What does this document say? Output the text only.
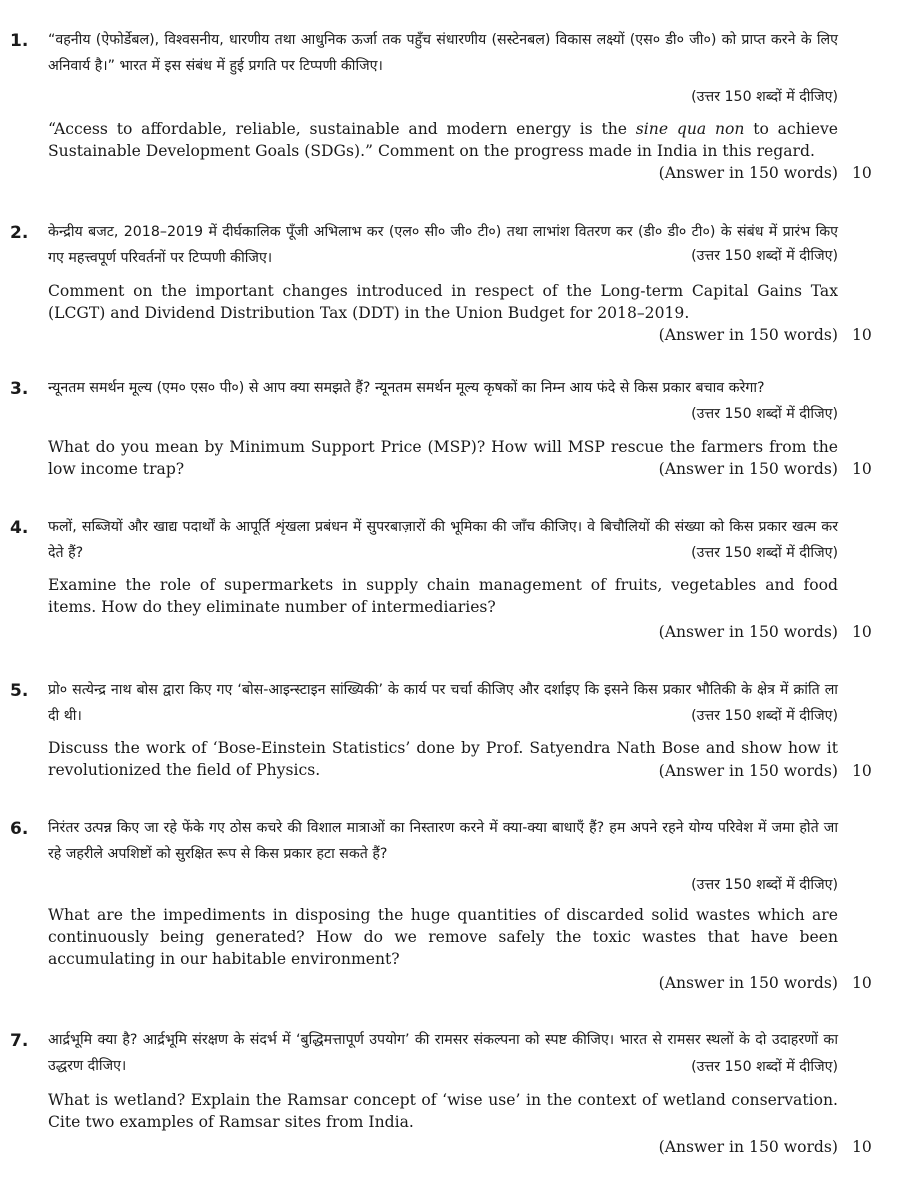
1. “वहनीय (ऐफोर्डेबल), विश्वसनीय, धारणीय तथा आधुनिक ऊर्जा तक पहुँच संधारणीय (सस्टेनबल) विकास लक्ष्यों (एस० डी० जी०) को प्राप्त करने के लिए अनिवार्य है।” भारत में इस संबंध में हुई प्रगति पर टिप्पणी कीजिए।
(उत्तर 150 शब्दों में दीजिए)
“Access to affordable, reliable, sustainable and modern energy is the sine qua non to achieve Sustainable Development Goals (SDGs).” Comment on the progress made in India in this regard.
(Answer in 150 words) 10
2. केन्द्रीय बजट, 2018–2019 में दीर्घकालिक पूँजी अभिलाभ कर (एल० सी० जी० टी०) तथा लाभांश वितरण कर (डी० डी० टी०) के संबंध में प्रारंभ किए गए महत्त्वपूर्ण परिवर्तनों पर टिप्पणी कीजिए।	(उत्तर 150 शब्दों में दीजिए)
Comment on the important changes introduced in respect of the Long-term Capital Gains Tax (LCGT) and Dividend Distribution Tax (DDT) in the Union Budget for 2018–2019.
(Answer in 150 words) 10
3. न्यूनतम समर्थन मूल्य (एम० एस० पी०) से आप क्या समझते हैं? न्यूनतम समर्थन मूल्य कृषकों का निम्न आय फंदे से किस प्रकार बचाव करेगा?
(उत्तर 150 शब्दों में दीजिए)
What do you mean by Minimum Support Price (MSP)? How will MSP rescue the farmers from the low income trap?	(Answer in 150 words) 10
4. फलों, सब्जियों और खाद्य पदार्थों के आपूर्ति शृंखला प्रबंधन में सुपरबाज़ारों की भूमिका की जाँच कीजिए। वे बिचौलियों की संख्या को किस प्रकार खत्म कर देते हैं?	(उत्तर 150 शब्दों में दीजिए)
Examine the role of supermarkets in supply chain management of fruits, vegetables and food items. How do they eliminate number of intermediaries?
(Answer in 150 words) 10
5. प्रो० सत्येन्द्र नाथ बोस द्वारा किए गए ‘बोस-आइन्स्टाइन सांख्यिकी’ के कार्य पर चर्चा कीजिए और दर्शाइए कि इसने किस प्रकार भौतिकी के क्षेत्र में क्रांति ला दी थी।	(उत्तर 150 शब्दों में दीजिए)
Discuss the work of ‘Bose-Einstein Statistics’ done by Prof. Satyendra Nath Bose and show how it revolutionized the field of Physics.	(Answer in 150 words) 10
6. निरंतर उत्पन्न किए जा रहे फेंके गए ठोस कचरे की विशाल मात्राओं का निस्तारण करने में क्या-क्या बाधाएँ हैं? हम अपने रहने योग्य परिवेश में जमा होते जा रहे जहरीले अपशिष्टों को सुरक्षित रूप से किस प्रकार हटा सकते हैं?
(उत्तर 150 शब्दों में दीजिए)
What are the impediments in disposing the huge quantities of discarded solid wastes which are continuously being generated? How do we remove safely the toxic wastes that have been accumulating in our habitable environment?
(Answer in 150 words) 10
7. आर्द्रभूमि क्या है? आर्द्रभूमि संरक्षण के संदर्भ में ‘बुद्धिमत्तापूर्ण उपयोग’ की रामसर संकल्पना को स्पष्ट कीजिए। भारत से रामसर स्थलों के दो उदाहरणों का उद्धरण दीजिए।	(उत्तर 150 शब्दों में दीजिए)
What is wetland? Explain the Ramsar concept of ‘wise use’ in the context of wetland conservation. Cite two examples of Ramsar sites from India.
(Answer in 150 words) 10
